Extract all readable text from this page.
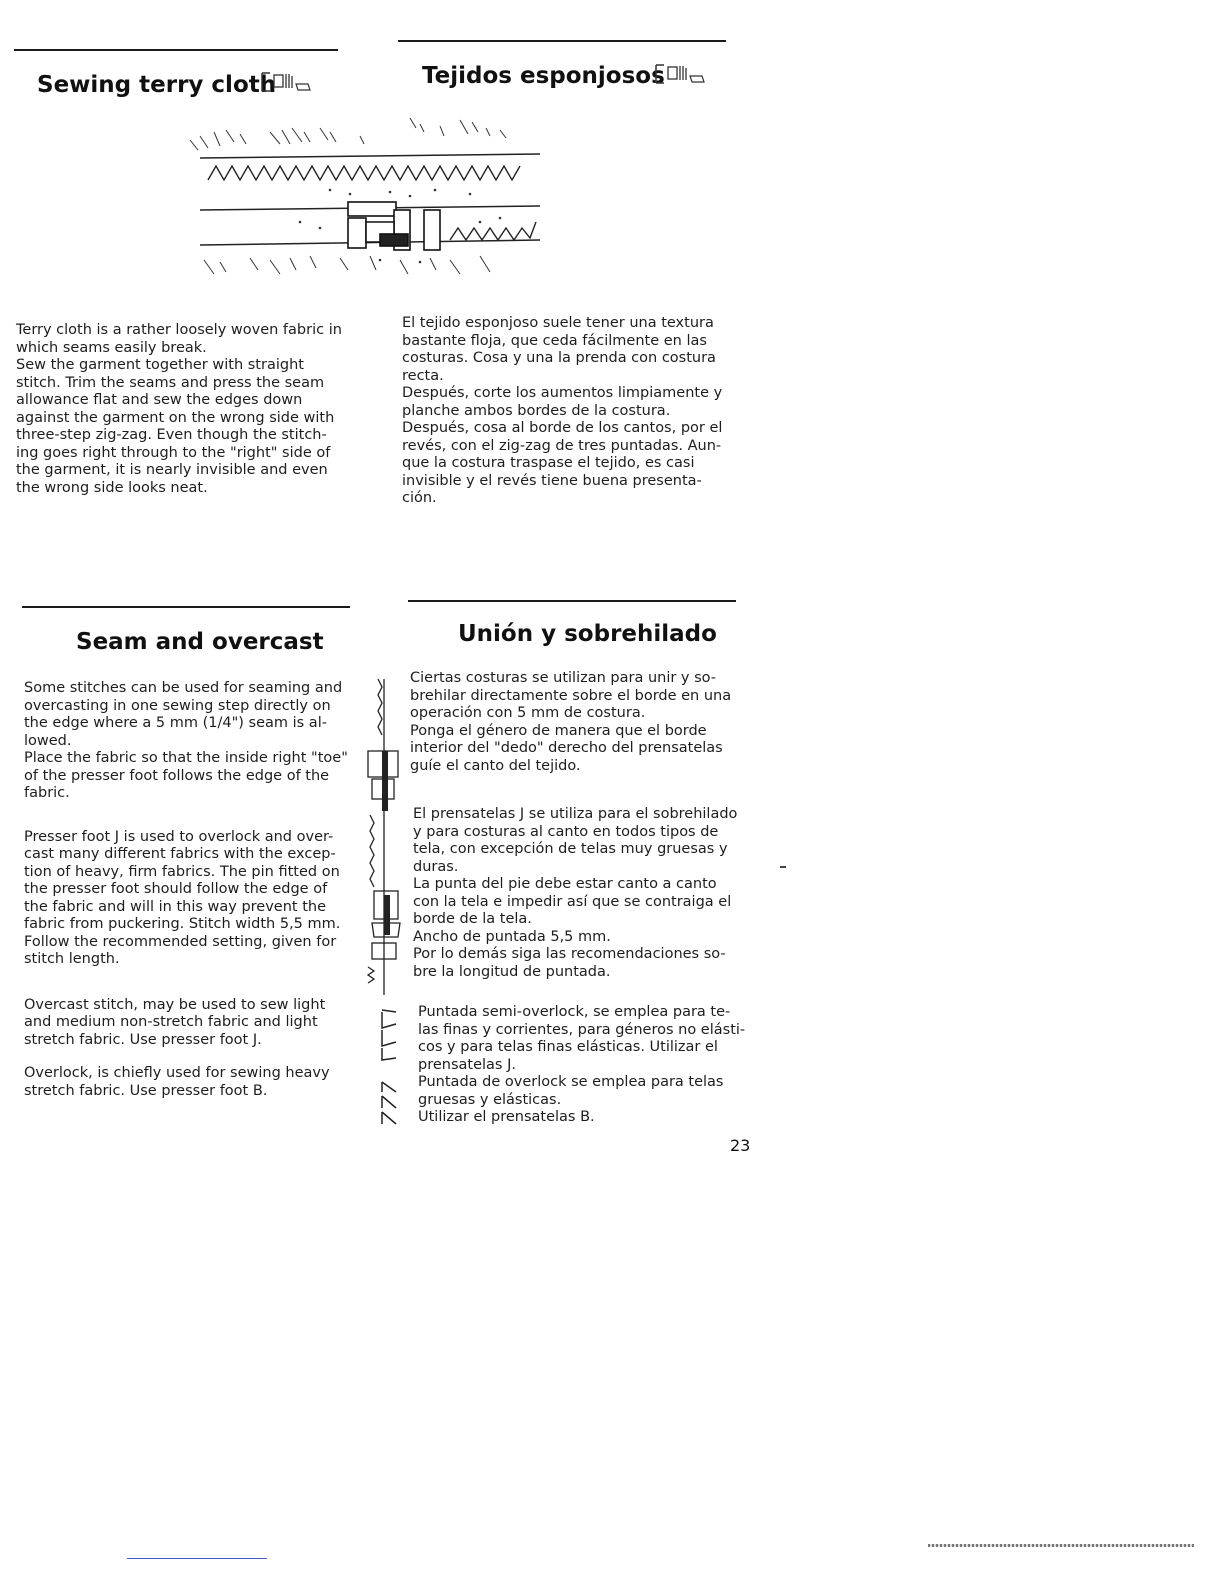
Sewing terry cloth	Tejidos esponjosos

Terry cloth is a rather loosely woven fabric in which seams easily break.

Sew the garment together with straight stitch. Trim the seams and press the seam allowance flat and sew the edges down against the garment on the wrong side with three-step zig-zag. Even though the stitch-ing goes right through to the "right" side of the garment, it is nearly invisible and even the wrong side looks neat.

El tejido esponjoso suele tener una textura bastante floja, que ceda fácilmente en las costuras. Cosa y una la prenda con costura recta.

Después, corte los aumentos limpiamente y planche ambos bordes de la costura.

Después, cosa al borde de los cantos, por el revés, con el zig-zag de tres puntadas. Aun-que la costura traspase el tejido, es casi invisible y el revés tiene buena presenta-ción.

Seam and overcast

Some stitches can be used for seaming and overcasting in one sewing step directly on the edge where a 5 mm (1/4") seam is al-lowed.

Place the fabric so that the inside right "toe" of the presser foot follows the edge of the fabric.

Presser foot J is used to overlock and over-cast many different fabrics with the excep-tion of heavy, firm fabrics. The pin fitted on the presser foot should follow the edge of the fabric and will in this way prevent the fabric from puckering. Stitch width 5,5 mm. Follow the recommended setting, given for stitch length.

Overcast stitch, may be used to sew light and medium non-stretch fabric and light stretch fabric. Use presser foot J.

Overlock, is chiefly used for sewing heavy stretch fabric. Use presser foot B.

Unión y sobrehilado

Ciertas costuras se utilizan para unir y so-brehilar directamente sobre el borde en una operación con 5 mm de costura.

Ponga el género de manera que el borde interior del "dedo" derecho del prensatelas guíe el canto del tejido.

El prensatelas J se utiliza para el sobrehilado y para costuras al canto en todos tipos de tela, con excepción de telas muy gruesas y duras.

La punta del pie debe estar canto a canto con la tela e impedir así que se contraiga el borde de la tela.

Ancho de puntada 5,5 mm.

Por lo demás siga las recomendaciones so-bre la longitud de puntada.

Puntada semi-overlock, se emplea para te-las finas y corrientes, para géneros no elásti-cos y para telas finas elásticas. Utilizar el prensatelas J.

Puntada de overlock se emplea para telas gruesas y elásticas.

Utilizar el prensatelas B.

23
